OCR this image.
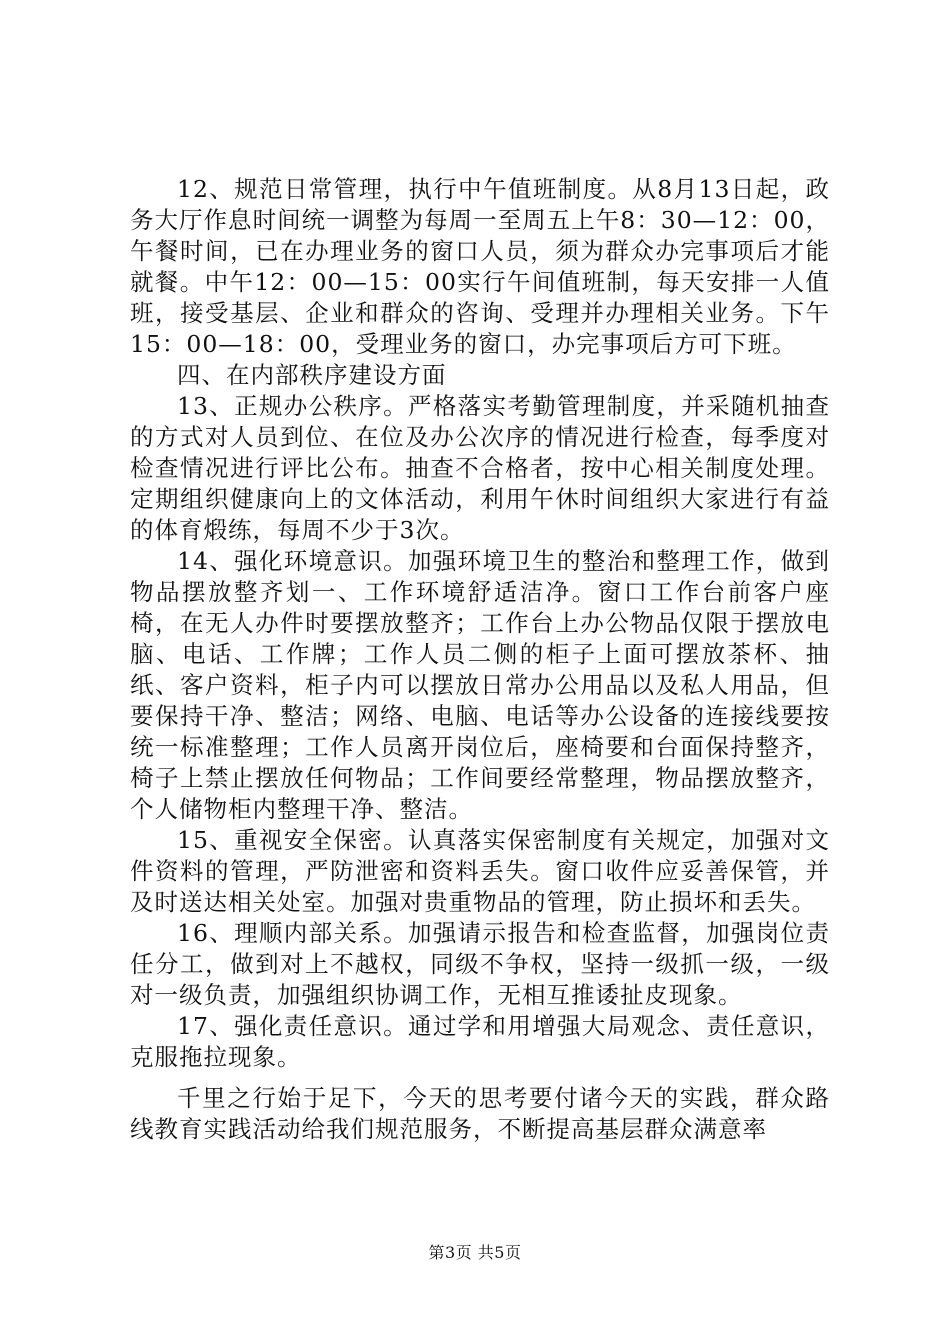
12、规范日常管理，执行中午值班制度。从8月13日起，政务大厅作息时间统一调整为每周一至周五上午8：30—12：00，午餐时间，已在办理业务的窗口人员，须为群众办完事项后才能就餐。中午12：00—15：00实行午间值班制，每天安排一人值班，接受基层、企业和群众的咨询、受理并办理相关业务。下午15：00—18：00，受理业务的窗口，办完事项后方可下班。

四、在内部秩序建设方面

13、正规办公秩序。严格落实考勤管理制度，并采随机抽查的方式对人员到位、在位及办公次序的情况进行检查，每季度对检查情况进行评比公布。抽查不合格者，按中心相关制度处理。定期组织健康向上的文体活动，利用午休时间组织大家进行有益的体育煅练，每周不少于3次。

14、强化环境意识。加强环境卫生的整治和整理工作，做到物品摆放整齐划一、工作环境舒适洁净。窗口工作台前客户座椅，在无人办件时要摆放整齐；工作台上办公物品仅限于摆放电脑、电话、工作牌；工作人员二侧的柜子上面可摆放茶杯、抽纸、客户资料，柜子内可以摆放日常办公用品以及私人用品，但要保持干净、整洁；网络、电脑、电话等办公设备的连接线要按统一标准整理；工作人员离开岗位后，座椅要和台面保持整齐，椅子上禁止摆放任何物品；工作间要经常整理，物品摆放整齐，个人储物柜内整理干净、整洁。

15、重视安全保密。认真落实保密制度有关规定，加强对文件资料的管理，严防泄密和资料丢失。窗口收件应妥善保管，并及时送达相关处室。加强对贵重物品的管理，防止损坏和丢失。

16、理顺内部关系。加强请示报告和检查监督，加强岗位责任分工，做到对上不越权，同级不争权，坚持一级抓一级，一级对一级负责，加强组织协调工作，无相互推诿扯皮现象。

17、强化责任意识。通过学和用增强大局观念、责任意识，克服拖拉现象。

千里之行始于足下，今天的思考要付诸今天的实践，群众路线教育实践活动给我们规范服务，不断提高基层群众满意率

第3页 共5页
